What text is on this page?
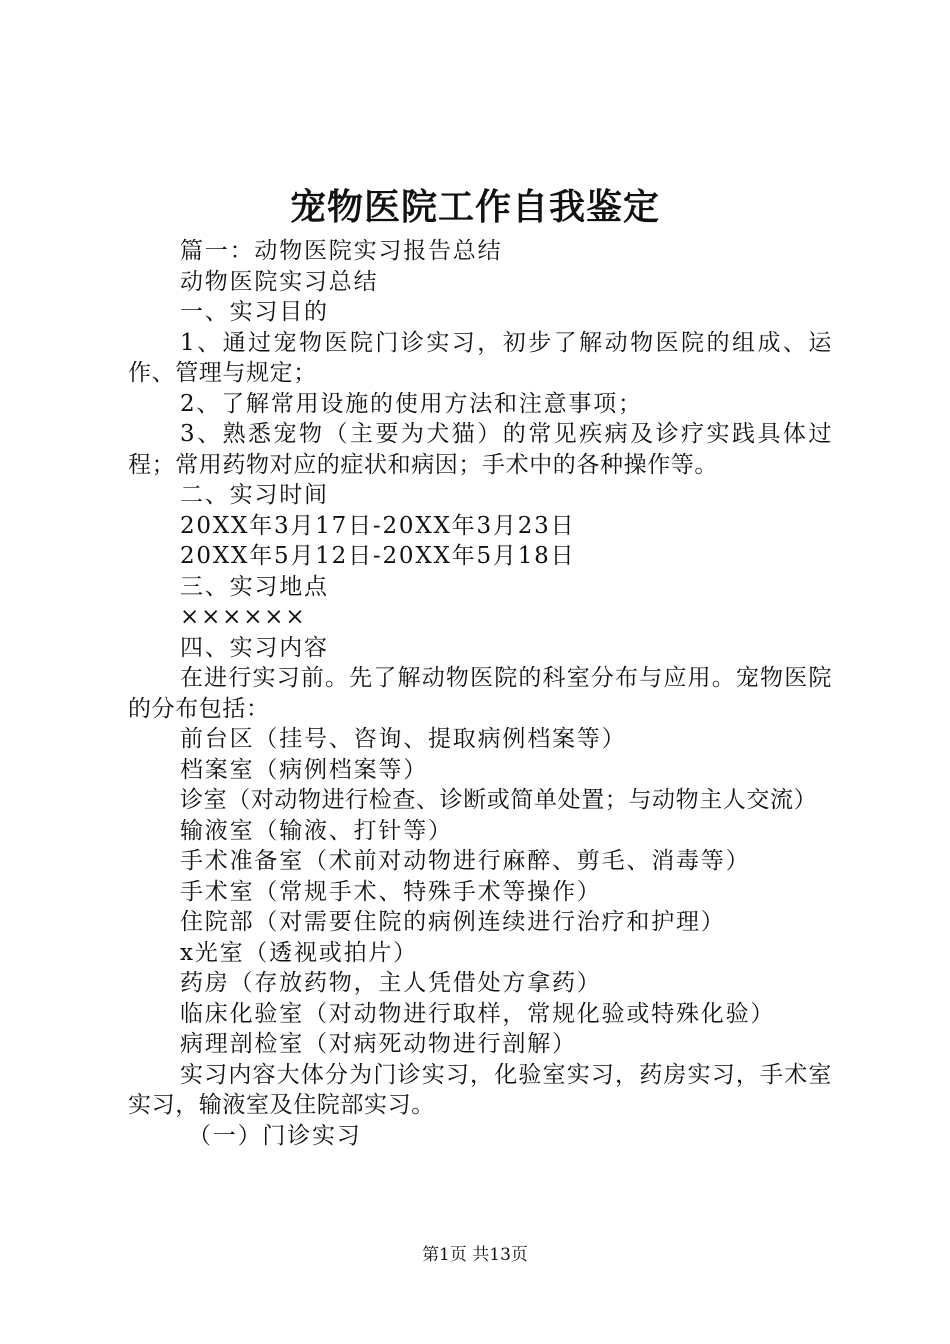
宠物医院工作自我鉴定

篇一：动物医院实习报告总结

动物医院实习总结

一、实习目的

1、通过宠物医院门诊实习，初步了解动物医院的组成、运作、管理与规定；

2、了解常用设施的使用方法和注意事项；

3、熟悉宠物（主要为犬猫）的常见疾病及诊疗实践具体过程；常用药物对应的症状和病因；手术中的各种操作等。

二、实习时间

20XX年3月17日-20XX年3月23日

20XX年5月12日-20XX年5月18日

三、实习地点

××××××

四、实习内容

在进行实习前。先了解动物医院的科室分布与应用。宠物医院的分布包括：

前台区（挂号、咨询、提取病例档案等）

档案室（病例档案等）

诊室（对动物进行检查、诊断或简单处置；与动物主人交流）

输液室（输液、打针等）

手术准备室（术前对动物进行麻醉、剪毛、消毒等）

手术室（常规手术、特殊手术等操作）

住院部（对需要住院的病例连续进行治疗和护理）

x光室（透视或拍片）

药房（存放药物，主人凭借处方拿药）

临床化验室（对动物进行取样，常规化验或特殊化验）

病理剖检室（对病死动物进行剖解）

实习内容大体分为门诊实习，化验室实习，药房实习，手术室实习，输液室及住院部实习。

（一）门诊实习

第1页 共13页
